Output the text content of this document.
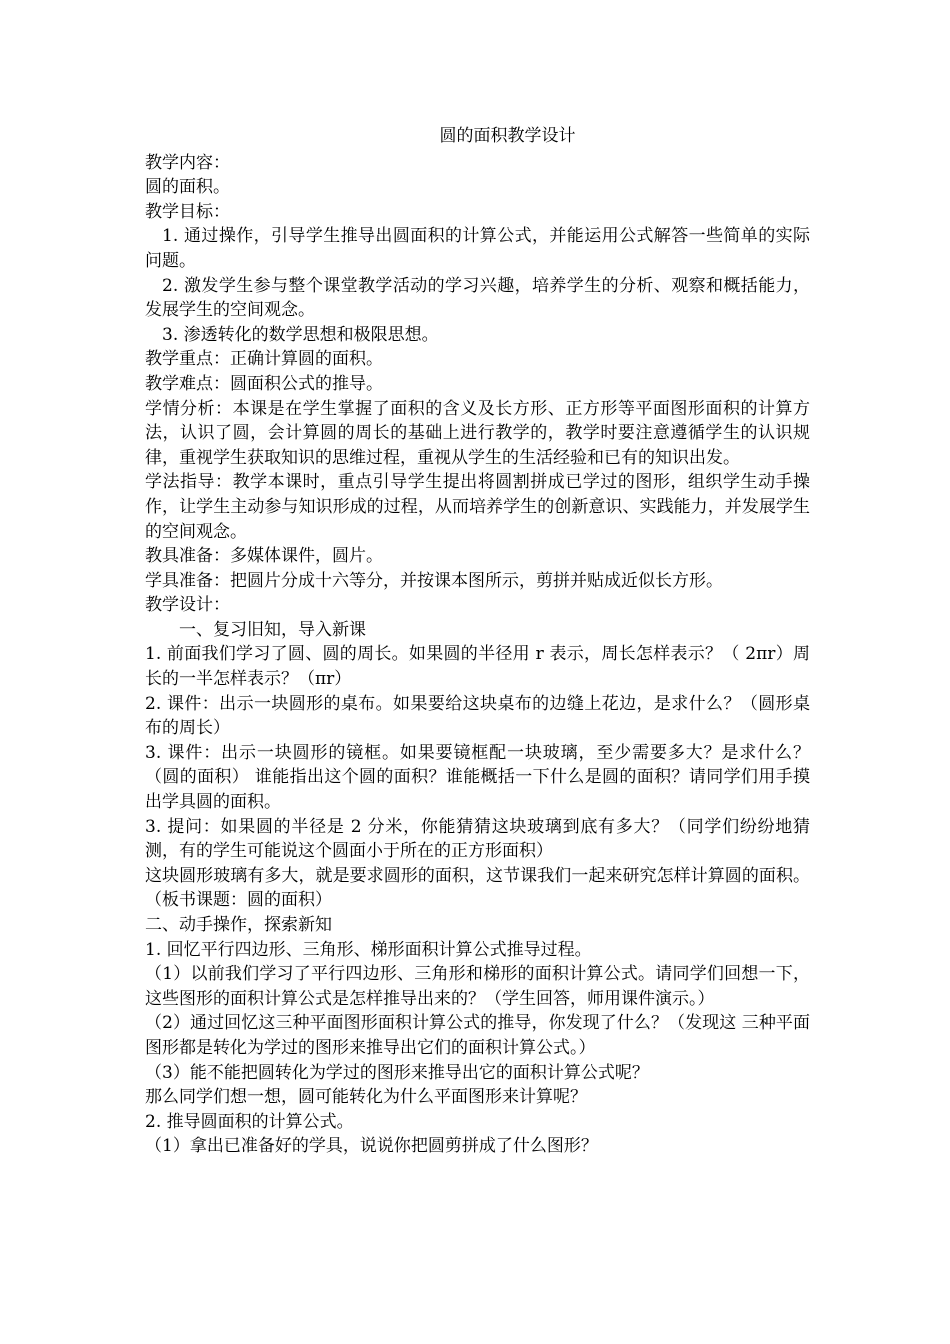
圆的面积教学设计

教学内容：

圆的面积。

教学目标：

1. 通过操作，引导学生推导出圆面积的计算公式，并能运用公式解答一些简单的实际问题。

2. 激发学生参与整个课堂教学活动的学习兴趣，培养学生的分析、观察和概括能力，发展学生的空间观念。

3. 渗透转化的数学思想和极限思想。

教学重点：正确计算圆的面积。

教学难点：圆面积公式的推导。

学情分析：本课是在学生掌握了面积的含义及长方形、正方形等平面图形面积的计算方法，认识了圆，会计算圆的周长的基础上进行教学的，教学时要注意遵循学生的认识规律，重视学生获取知识的思维过程，重视从学生的生活经验和已有的知识出发。

学法指导：教学本课时，重点引导学生提出将圆割拼成已学过的图形，组织学生动手操作，让学生主动参与知识形成的过程，从而培养学生的创新意识、实践能力，并发展学生的空间观念。

教具准备：多媒体课件，圆片。

学具准备：把圆片分成十六等分，并按课本图所示，剪拼并贴成近似长方形。

教学设计：

一、复习旧知，导入新课

1. 前面我们学习了圆、圆的周长。如果圆的半径用 r 表示，周长怎样表示？（ 2πr）周长的一半怎样表示？（πr）

2. 课件：出示一块圆形的桌布。如果要给这块桌布的边缝上花边，是求什么？（圆形桌布的周长）

3. 课件：出示一块圆形的镜框。如果要镜框配一块玻璃，至少需要多大？是求什么？（圆的面积） 谁能指出这个圆的面积？谁能概括一下什么是圆的面积？请同学们用手摸出学具圆的面积。

3. 提问：如果圆的半径是 2 分米，你能猜猜这块玻璃到底有多大？（同学们纷纷地猜测，有的学生可能说这个圆面小于所在的正方形面积）

这块圆形玻璃有多大，就是要求圆形的面积，这节课我们一起来研究怎样计算圆的面积。（板书课题：圆的面积）

二、动手操作，探索新知

1. 回忆平行四边形、三角形、梯形面积计算公式推导过程。

（1）以前我们学习了平行四边形、三角形和梯形的面积计算公式。请同学们回想一下，这些图形的面积计算公式是怎样推导出来的？（学生回答，师用课件演示。）

（2）通过回忆这三种平面图形面积计算公式的推导，你发现了什么？（发现这 三种平面图形都是转化为学过的图形来推导出它们的面积计算公式。）

（3）能不能把圆转化为学过的图形来推导出它的面积计算公式呢？

那么同学们想一想，圆可能转化为什么平面图形来计算呢？

2. 推导圆面积的计算公式。

（1）拿出已准备好的学具，说说你把圆剪拼成了什么图形？
